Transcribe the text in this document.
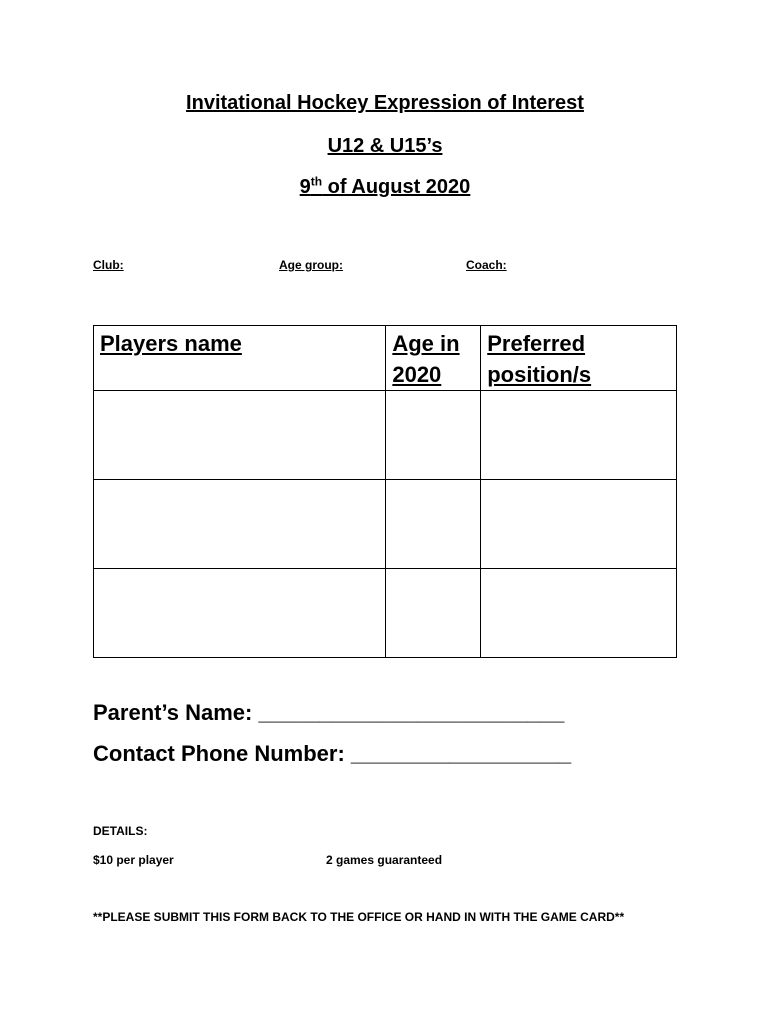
Invitational Hockey Expression of Interest
U12 & U15’s
9th of August 2020
Club:	Age group:	Coach:
Players name	Age in 2020	Preferred position/s

Parent’s Name: _________________________
Contact Phone Number: __________________
DETAILS:
$10 per player	2 games guaranteed
**PLEASE SUBMIT THIS FORM BACK TO THE OFFICE OR HAND IN WITH THE GAME CARD**
